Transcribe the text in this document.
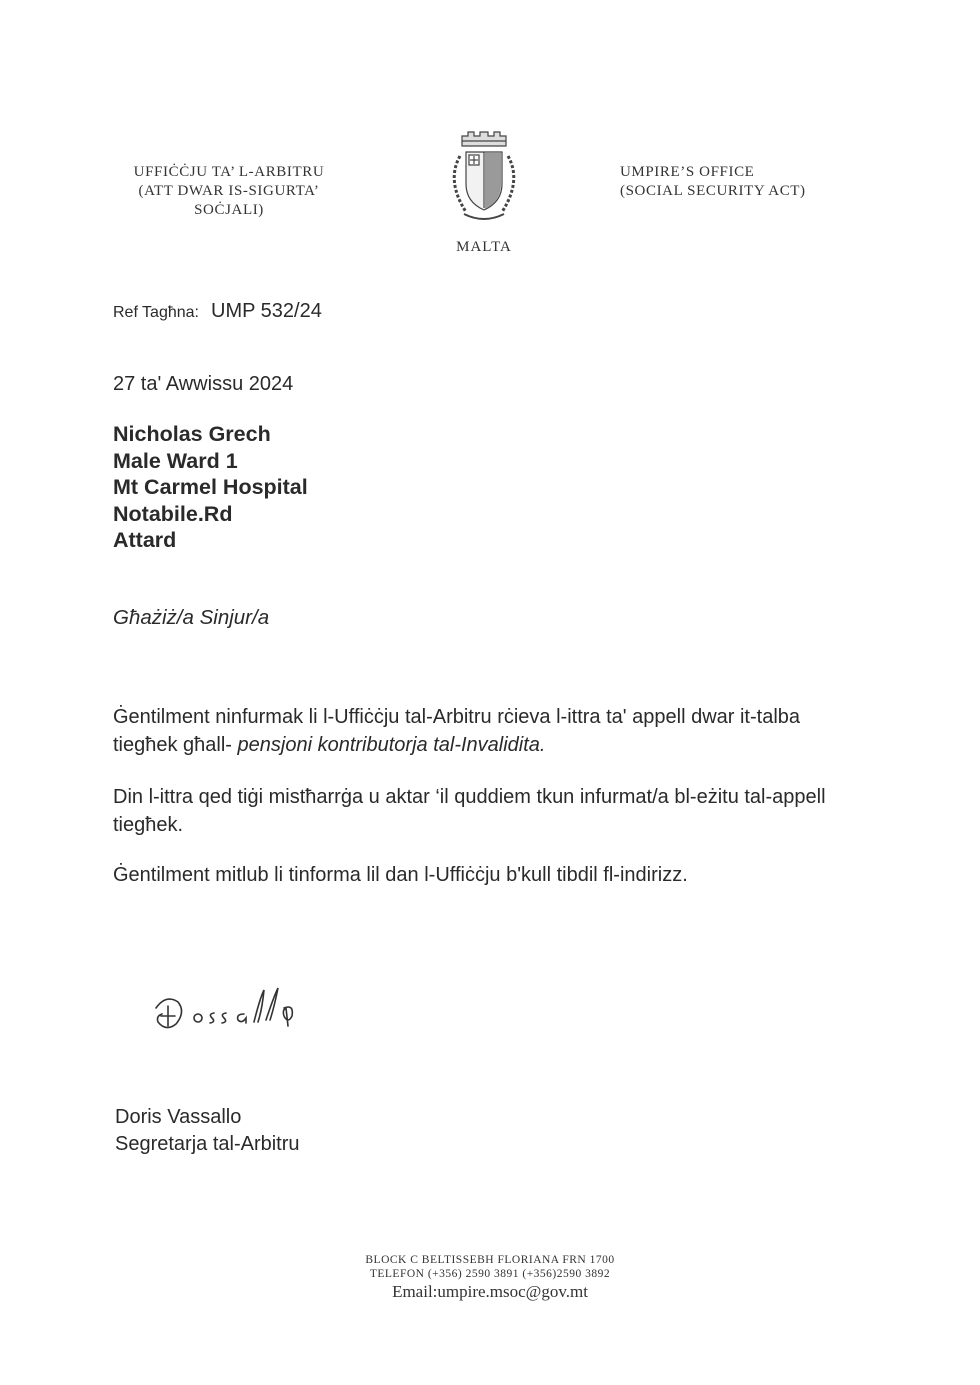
UFFIĊĊJU TA’ L-ARBITRU
(ATT DWAR IS-SIGURTA’
SOĊJALI)
UMPIRE’S OFFICE
(SOCIAL SECURITY ACT)
MALTA
Ref Tagħna: UMP 532/24
27 ta' Awwissu 2024
Nicholas Grech
Male Ward 1
Mt Carmel Hospital
Notabile.Rd
Attard
Għażiż/a Sinjur/a
Ġentilment ninfurmak li l-Uffiċċju tal-Arbitru rċieva l-ittra ta' appell dwar it-talba tiegħek għall- pensjoni kontributorja tal-Invalidita.
Din l-ittra qed tiġi mistħarrġa u aktar ‘il quddiem tkun infurmat/a bl-eżitu tal-appell tiegħek.
Ġentilment mitlub li tinforma lil dan l-Uffiċċju b'kull tibdil fl-indirizz.
Doris Vassallo
Segretarja tal-Arbitru
BLOCK C BELTISSEBH FLORIANA FRN 1700
TELEFON (+356) 2590 3891 (+356)2590 3892
Email:umpire.msoc@gov.mt
